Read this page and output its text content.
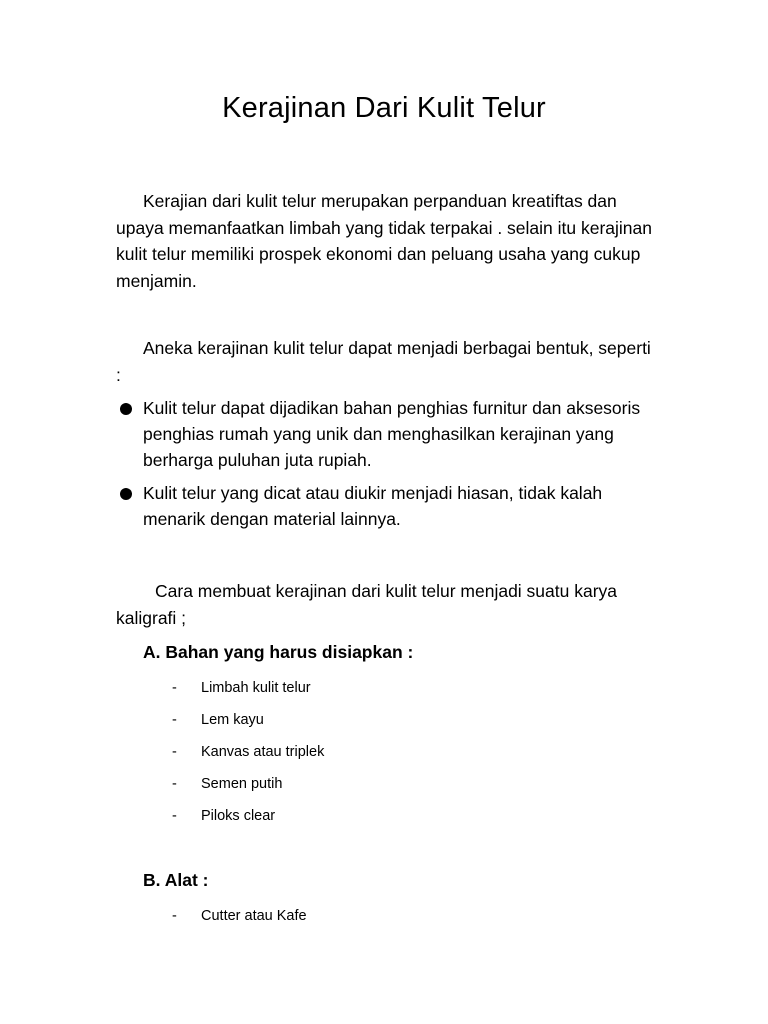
Kerajinan Dari Kulit Telur

Kerajian dari kulit telur merupakan perpanduan kreatiftas dan upaya memanfaatkan limbah yang tidak terpakai . selain itu kerajinan kulit telur memiliki prospek ekonomi dan peluang usaha yang cukup menjamin.

Aneka kerajinan kulit telur dapat menjadi berbagai bentuk, seperti :

Kulit telur dapat dijadikan bahan penghias furnitur dan aksesoris penghias rumah yang unik dan menghasilkan kerajinan yang berharga puluhan juta rupiah.
Kulit telur yang dicat atau diukir menjadi hiasan, tidak kalah menarik dengan material lainnya.

Cara membuat kerajinan dari kulit telur menjadi suatu karya kaligrafi ;

A. Bahan yang harus disiapkan :
- Limbah kulit telur
- Lem kayu
- Kanvas atau triplek
- Semen putih
- Piloks clear
B. Alat :
- Cutter atau Kafe
